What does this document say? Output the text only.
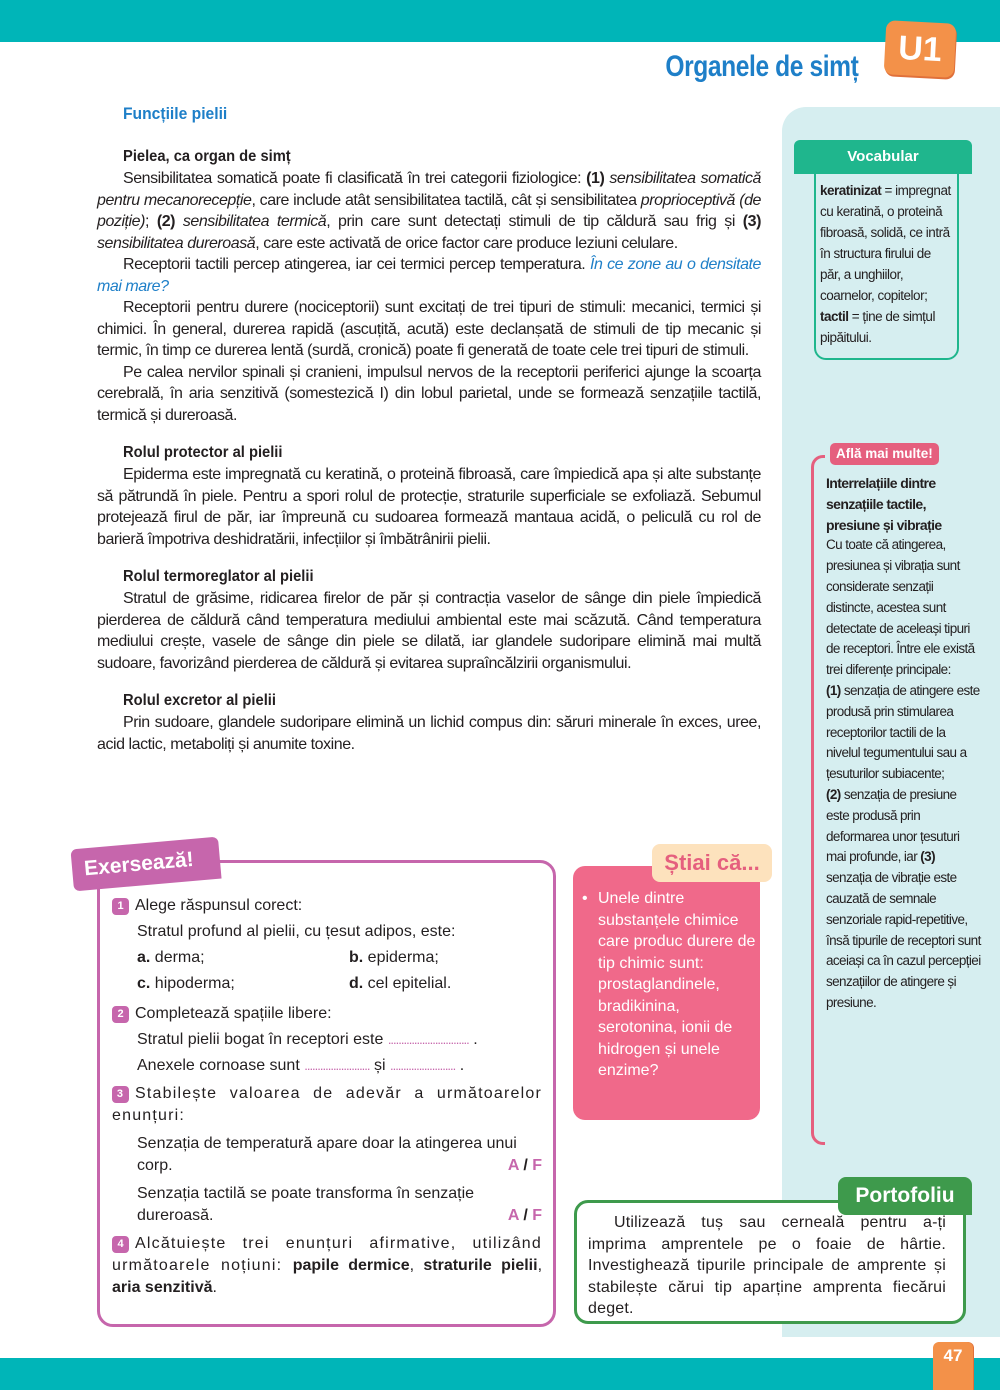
Organele de simț	U1
Funcțiile pielii
Pielea, ca organ de simț

Sensibilitatea somatică poate fi clasificată în trei categorii fiziologice: (1) sensibilitatea somatică pentru mecanorecepție, care include atât sensibilitatea tactilă, cât și sensibilitatea proprioceptivă (de poziție); (2) sensibilitatea termică, prin care sunt detectați stimuli de tip căldură sau frig și (3) sensibilitatea dureroasă, care este activată de orice factor care produce leziuni celulare.

Receptorii tactili percep atingerea, iar cei termici percep temperatura. În ce zone au o densitate mai mare?

Receptorii pentru durere (nociceptorii) sunt excitați de trei tipuri de stimuli: mecanici, termici și chimici. În general, durerea rapidă (ascuțită, acută) este declanșată de stimuli de tip mecanic și termic, în timp ce durerea lentă (surdă, cronică) poate fi generată de toate cele trei tipuri de stimuli.

Pe calea nervilor spinali și cranieni, impulsul nervos de la receptorii periferici ajunge la scoarța cerebrală, în aria senzitivă (somestezică I) din lobul parietal, unde se formează senzațiile tactilă, termică și dureroasă.

Rolul protector al pielii

Epiderma este impregnată cu keratină, o proteină fibroasă, care împiedică apa și alte substanțe să pătrundă în piele. Pentru a spori rolul de protecție, straturile superficiale se exfoliază. Sebumul protejează firul de păr, iar împreună cu sudoarea formează mantaua acidă, o peliculă cu rol de barieră împotriva deshidratării, infecțiilor și îmbătrânirii pielii.

Rolul termoreglator al pielii

Stratul de grăsime, ridicarea firelor de păr și contracția vaselor de sânge din piele împiedică pierderea de căldură când temperatura mediului ambiental este mai scăzută. Când temperatura mediului crește, vasele de sânge din piele se dilată, iar glandele sudoripare elimină mai multă sudoare, favorizând pierderea de căldură și evitarea supraîncălzirii organismului.

Rolul excretor al pielii

Prin sudoare, glandele sudoripare elimină un lichid compus din: săruri minerale în exces, uree, acid lactic, metaboliți și anumite toxine.

Vocabular
keratinizat = impregnat cu keratină, o proteină fibroasă, solidă, ce intră în structura firului de păr, a unghiilor, coarnelor, copitelor;
tactil = ține de simțul pipăitului.
Află mai multe!
Interrelațiile dintre senzațiile tactile, presiune și vibrație
Cu toate că atingerea, presiunea și vibrația sunt considerate senzații distincte, acestea sunt detectate de aceleași tipuri de receptori. Între ele există trei diferențe principale:
(1) senzația de atingere este produsă prin stimularea receptorilor tactili de la nivelul tegumentului sau a țesuturilor subiacente;
(2) senzația de presiune este produsă prin deformarea unor țesuturi mai profunde, iar (3) senzația de vibrație este cauzată de semnale senzoriale rapid-repetitive, însă tipurile de receptori sunt aceiași ca în cazul percepției senzațiilor de atingere și presiune.
Exersează!
1 Alege răspunsul corect:
Stratul profund al pielii, cu țesut adipos, este:
a. derma;	b. epiderma;
c. hipoderma;	d. cel epitelial.
2 Completează spațiile libere:
Stratul pielii bogat în receptori este ............................... .
Anexele cornoase sunt ......................... și ......................... .
3 Stabilește valoarea de adevăr a următoarelor enunțuri:
Senzația de temperatură apare doar la atingerea unui corp.	A / F
Senzația tactilă se poate transforma în senzație dureroasă.	A / F
4 Alcătuiește trei enunțuri afirmative, utilizând următoarele noțiuni: papile dermice, straturile pielii, aria senzitivă.
Știai că...
• Unele dintre substanțele chimice care produc durere de tip chimic sunt: prostaglandinele, bradikinina, serotonina, ionii de hidrogen și unele enzime?
Portofoliu
Utilizează tuș sau cerneală pentru a-ți imprima amprentele pe o foaie de hârtie. Investighează tipurile principale de amprente și stabilește cărui tip aparține amprenta fiecărui deget.
47
